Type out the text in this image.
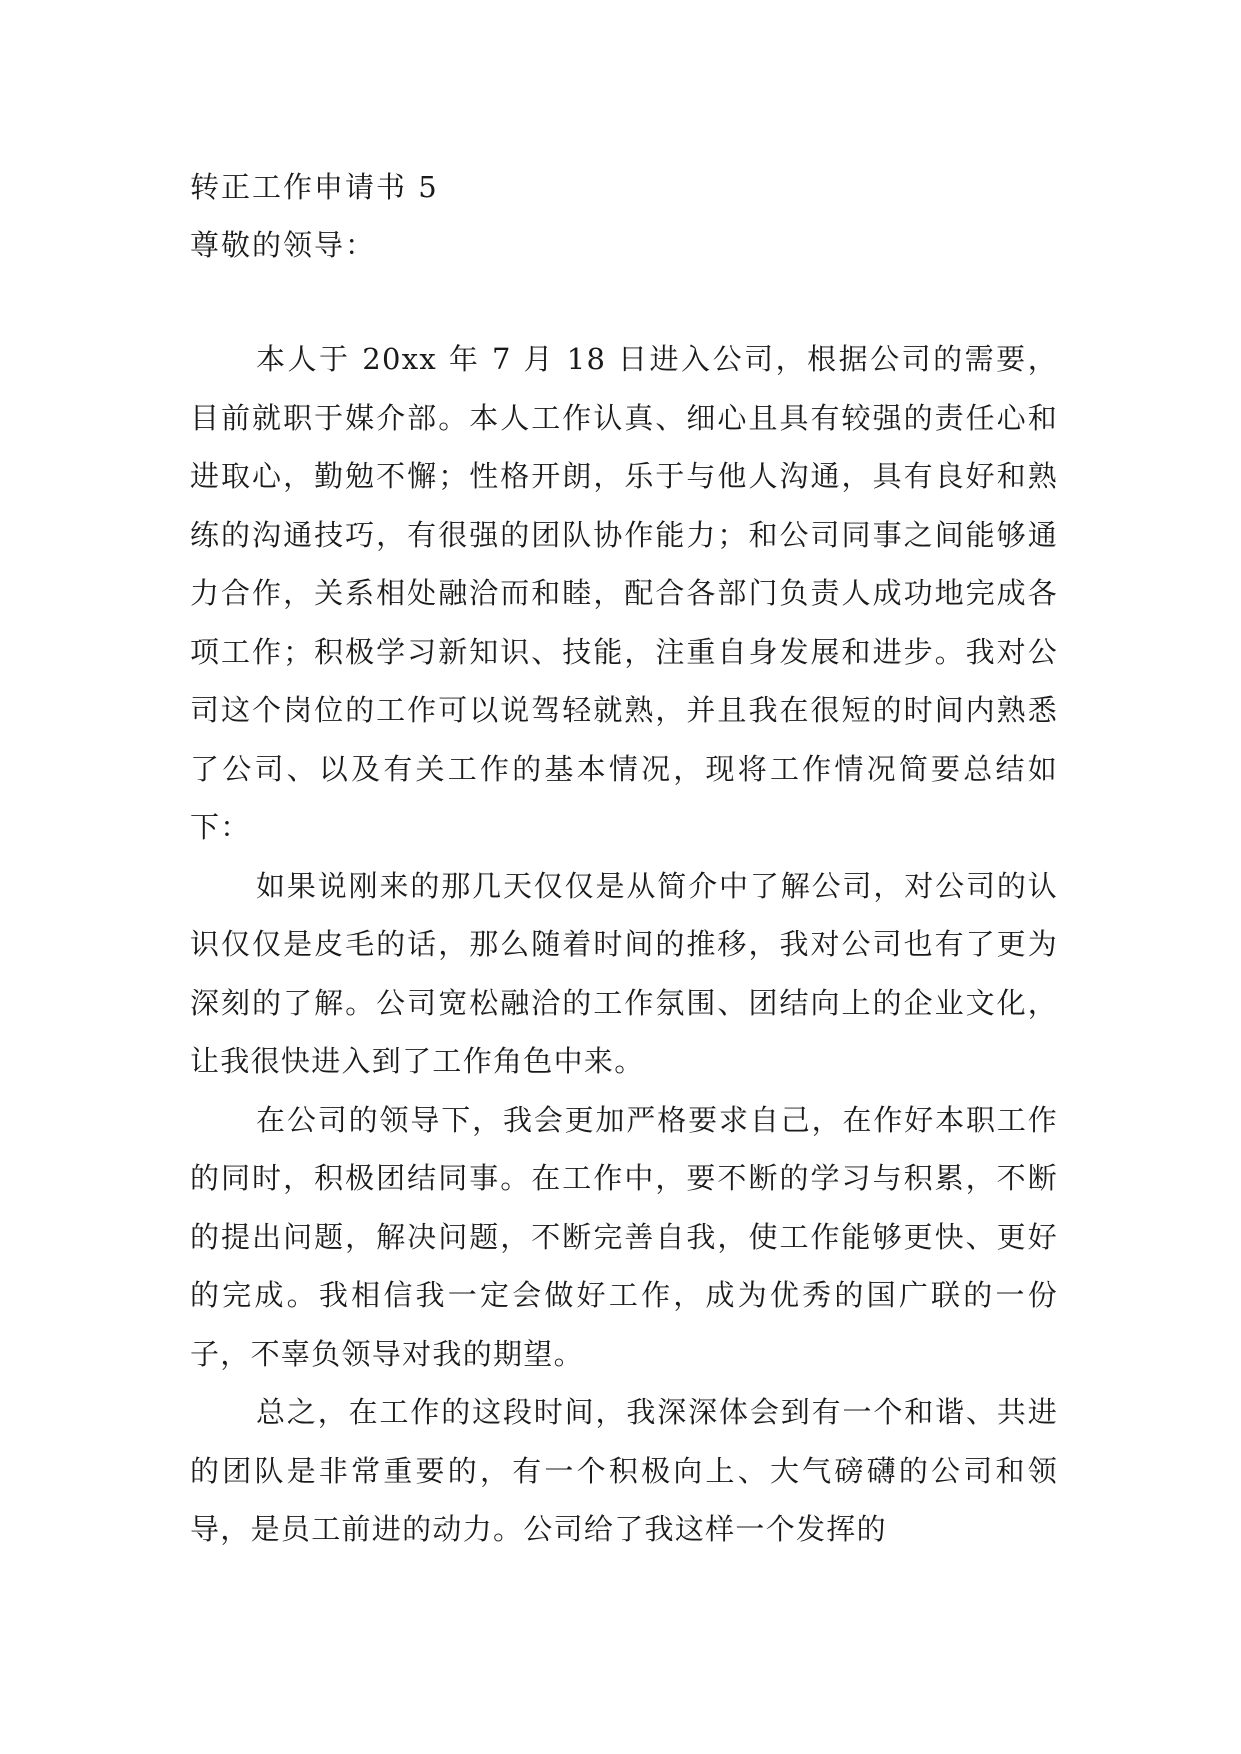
转正工作申请书 5

尊敬的领导：

本人于 20xx 年 7 月 18 日进入公司，根据公司的需要，目前就职于媒介部。本人工作认真、细心且具有较强的责任心和进取心，勤勉不懈；性格开朗，乐于与他人沟通，具有良好和熟练的沟通技巧，有很强的团队协作能力；和公司同事之间能够通力合作，关系相处融洽而和睦，配合各部门负责人成功地完成各项工作；积极学习新知识、技能，注重自身发展和进步。我对公司这个岗位的工作可以说驾轻就熟，并且我在很短的时间内熟悉了公司、以及有关工作的基本情况，现将工作情况简要总结如下：

如果说刚来的那几天仅仅是从简介中了解公司，对公司的认识仅仅是皮毛的话，那么随着时间的推移，我对公司也有了更为深刻的了解。公司宽松融洽的工作氛围、团结向上的企业文化，让我很快进入到了工作角色中来。

在公司的领导下，我会更加严格要求自己，在作好本职工作的同时，积极团结同事。在工作中，要不断的学习与积累，不断的提出问题，解决问题，不断完善自我，使工作能够更快、更好的完成。我相信我一定会做好工作，成为优秀的国广联的一份子，不辜负领导对我的期望。

总之，在工作的这段时间，我深深体会到有一个和谐、共进的团队是非常重要的，有一个积极向上、大气磅礴的公司和领导，是员工前进的动力。公司给了我这样一个发挥的
